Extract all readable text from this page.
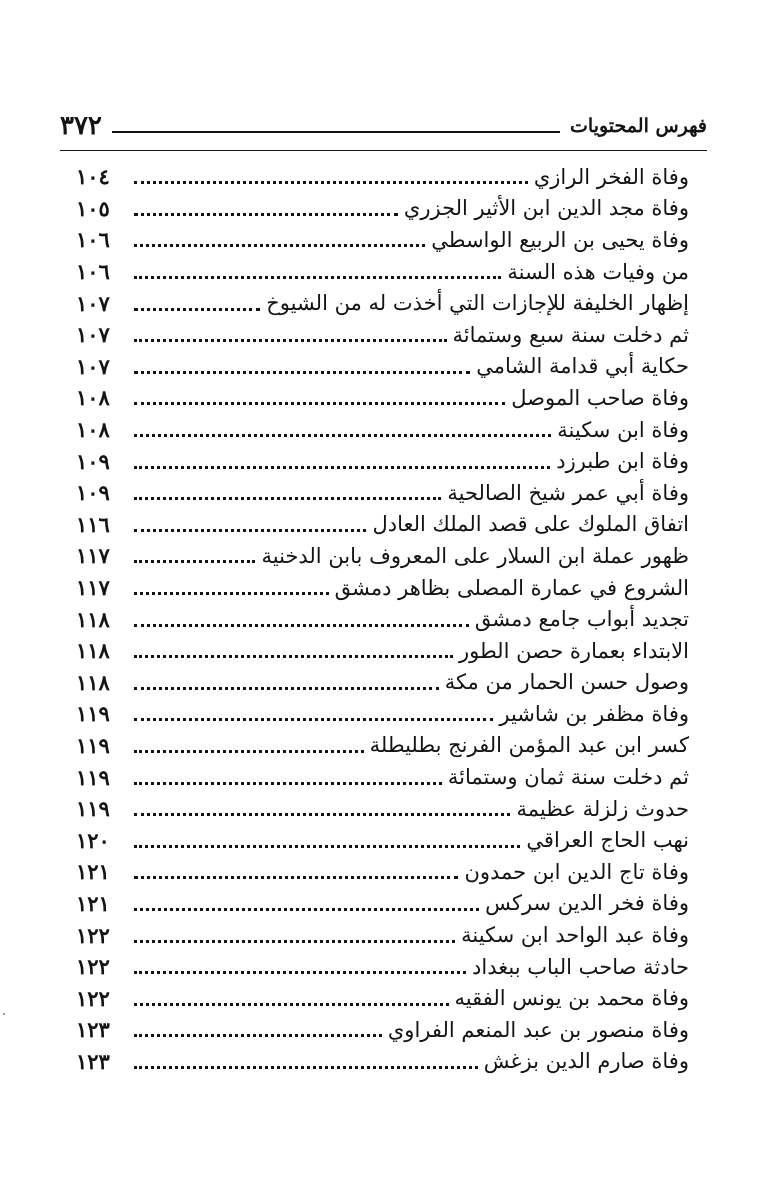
فهرس المحتويات
٣٧٢
وفاة الفخر الرازي
١٠٤
وفاة مجد الدين ابن الأثير الجزري
١٠٥
وفاة يحيى بن الربيع الواسطي
١٠٦
من وفيات هذه السنة
١٠٦
إظهار الخليفة للإجازات التي أخذت له من الشيوخ
١٠٧
ثم دخلت سنة سبع وستمائة
١٠٧
حكاية أبي قدامة الشامي
١٠٧
وفاة صاحب الموصل
١٠٨
وفاة ابن سكينة
١٠٨
وفاة ابن طبرزد
١٠٩
وفاة أبي عمر شيخ الصالحية
١٠٩
اتفاق الملوك على قصد الملك العادل
١١٦
ظهور عملة ابن السلار على المعروف بابن الدخنية
١١٧
الشروع في عمارة المصلى بظاهر دمشق
١١٧
تجديد أبواب جامع دمشق
١١٨
الابتداء بعمارة حصن الطور
١١٨
وصول حسن الحمار من مكة
١١٨
وفاة مظفر بن شاشير
١١٩
كسر ابن عبد المؤمن الفرنج بطليطلة
١١٩
ثم دخلت سنة ثمان وستمائة
١١٩
حدوث زلزلة عظيمة
١١٩
نهب الحاج العراقي
١٢٠
وفاة تاج الدين ابن حمدون
١٢١
وفاة فخر الدين سركس
١٢١
وفاة عبد الواحد ابن سكينة
١٢٢
حادثة صاحب الباب ببغداد
١٢٢
وفاة محمد بن يونس الفقيه
١٢٢
وفاة منصور بن عبد المنعم الفراوي
١٢٣
وفاة صارم الدين بزغش
١٢٣
